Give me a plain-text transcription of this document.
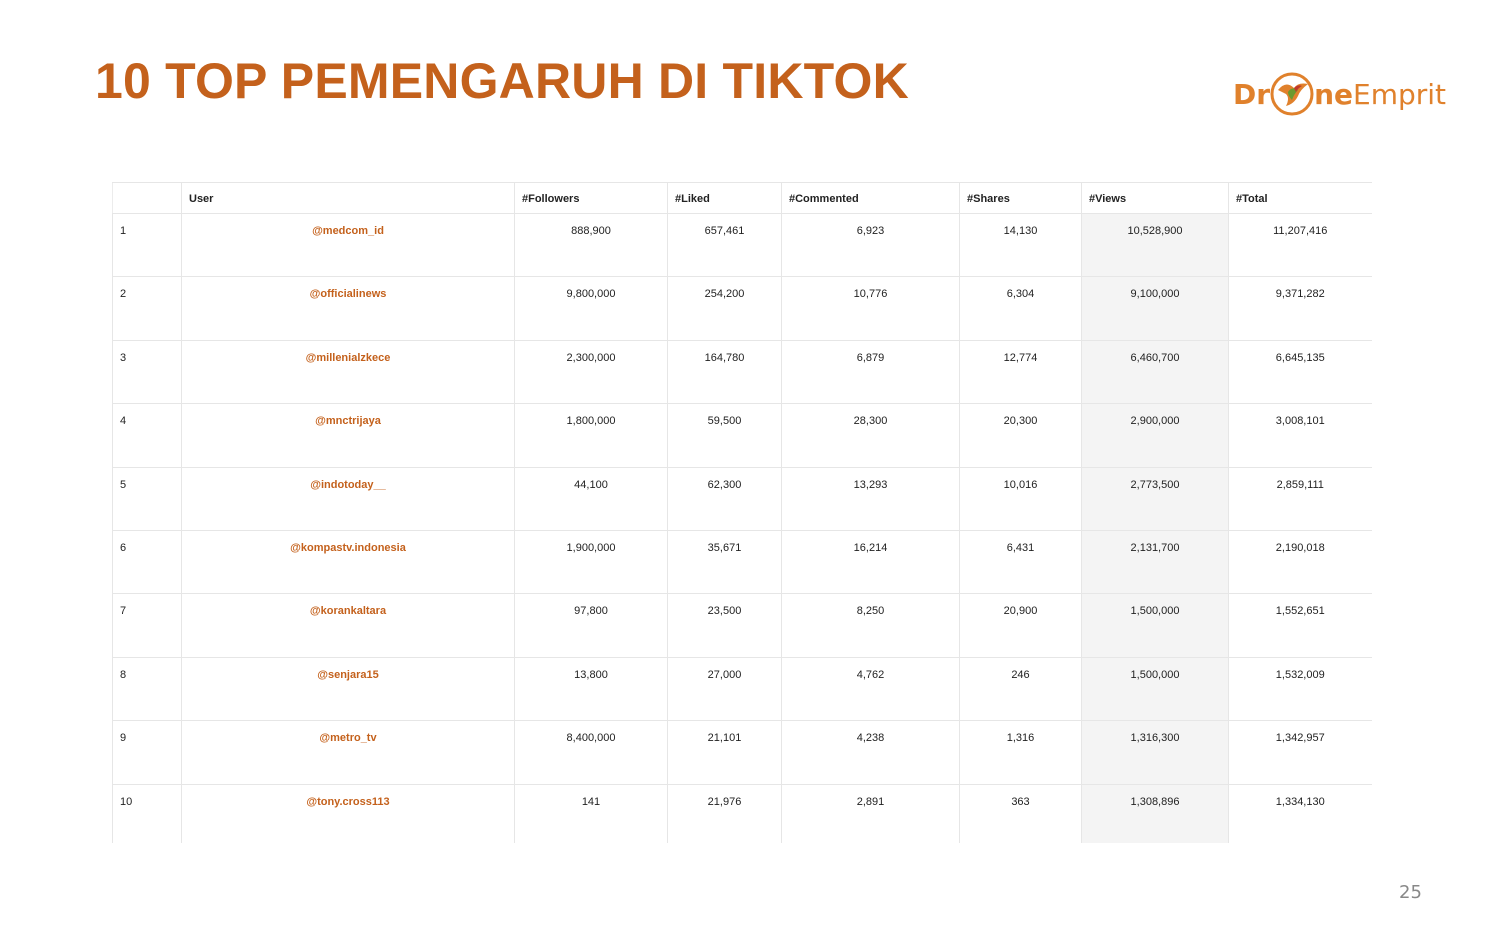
10 TOP PEMENGARUH DI TIKTOK	Dr ne Emprit
	User	#Followers	#Liked	#Commented	#Shares	#Views	#Total
1	@medcom_id	888,900	657,461	6,923	14,130	10,528,900	11,207,416
2	@officialinews	9,800,000	254,200	10,776	6,304	9,100,000	9,371,282
3	@millenialzkece	2,300,000	164,780	6,879	12,774	6,460,700	6,645,135
4	@mnctrijaya	1,800,000	59,500	28,300	20,300	2,900,000	3,008,101
5	@indotoday__	44,100	62,300	13,293	10,016	2,773,500	2,859,111
6	@kompastv.indonesia	1,900,000	35,671	16,214	6,431	2,131,700	2,190,018
7	@korankaltara	97,800	23,500	8,250	20,900	1,500,000	1,552,651
8	@senjara15	13,800	27,000	4,762	246	1,500,000	1,532,009
9	@metro_tv	8,400,000	21,101	4,238	1,316	1,316,300	1,342,957
10	@tony.cross113	141	21,976	2,891	363	1,308,896	1,334,130
25
